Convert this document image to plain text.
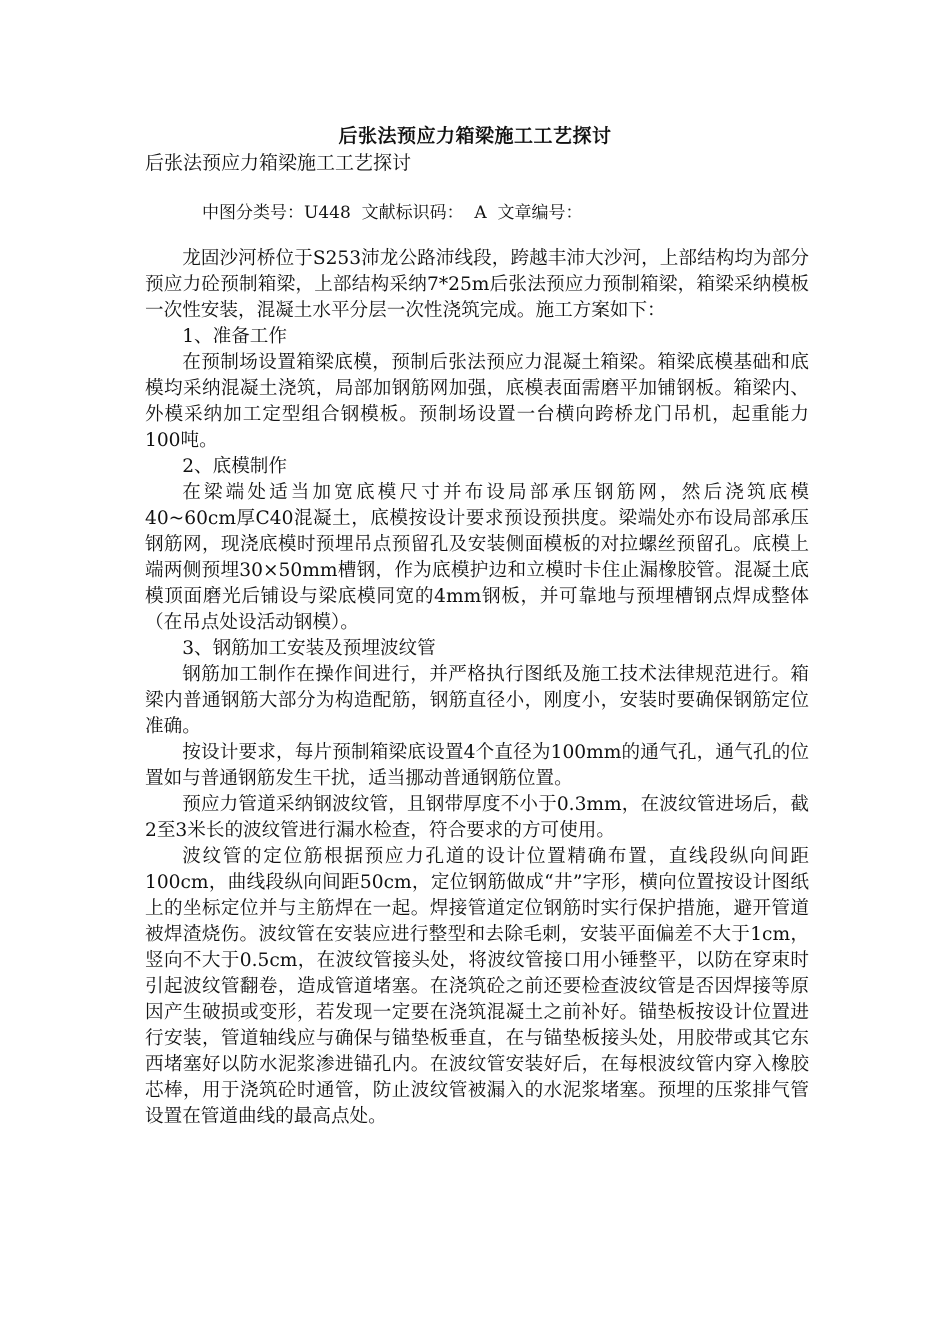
后张法预应力箱梁施工工艺探讨
后张法预应力箱梁施工工艺探讨
中图分类号：U448  文献标识码：  A  文章编号：

龙固沙河桥位于S253沛龙公路沛线段，跨越丰沛大沙河，上部结构均为部分预应力砼预制箱梁，上部结构采纳7*25m后张法预应力预制箱梁，箱梁采纳模板一次性安装，混凝土水平分层一次性浇筑完成。施工方案如下：

1、准备工作

在预制场设置箱梁底模，预制后张法预应力混凝土箱梁。箱梁底模基础和底模均采纳混凝土浇筑，局部加钢筋网加强，底模表面需磨平加铺钢板。箱梁内、外模采纳加工定型组合钢模板。预制场设置一台横向跨桥龙门吊机，起重能力100吨。

2、底模制作

在梁端处适当加宽底模尺寸并布设局部承压钢筋网，然后浇筑底模40~60cm厚C40混凝土，底模按设计要求预设预拱度。梁端处亦布设局部承压钢筋网，现浇底模时预埋吊点预留孔及安装侧面模板的对拉螺丝预留孔。底模上端两侧预埋30×50mm槽钢，作为底模护边和立模时卡住止漏橡胶管。混凝土底模顶面磨光后铺设与梁底模同宽的4mm钢板，并可靠地与预埋槽钢点焊成整体（在吊点处设活动钢模）。

3、钢筋加工安装及预埋波纹管

钢筋加工制作在操作间进行，并严格执行图纸及施工技术法律规范进行。箱梁内普通钢筋大部分为构造配筋，钢筋直径小，刚度小，安装时要确保钢筋定位准确。

按设计要求，每片预制箱梁底设置4个直径为100mm的通气孔，通气孔的位置如与普通钢筋发生干扰，适当挪动普通钢筋位置。

预应力管道采纳钢波纹管，且钢带厚度不小于0.3mm，在波纹管进场后，截2至3米长的波纹管进行漏水检查，符合要求的方可使用。

波纹管的定位筋根据预应力孔道的设计位置精确布置，直线段纵向间距100cm，曲线段纵向间距50cm，定位钢筋做成“井”字形，横向位置按设计图纸上的坐标定位并与主筋焊在一起。焊接管道定位钢筋时实行保护措施，避开管道被焊渣烧伤。波纹管在安装应进行整型和去除毛刺，安装平面偏差不大于1cm，竖向不大于0.5cm，在波纹管接头处，将波纹管接口用小锤整平，以防在穿束时引起波纹管翻卷，造成管道堵塞。在浇筑砼之前还要检查波纹管是否因焊接等原因产生破损或变形，若发现一定要在浇筑混凝土之前补好。锚垫板按设计位置进行安装，管道轴线应与确保与锚垫板垂直，在与锚垫板接头处，用胶带或其它东西堵塞好以防水泥浆渗进锚孔内。在波纹管安装好后，在每根波纹管内穿入橡胶芯棒，用于浇筑砼时通管，防止波纹管被漏入的水泥浆堵塞。预埋的压浆排气管设置在管道曲线的最高点处。
